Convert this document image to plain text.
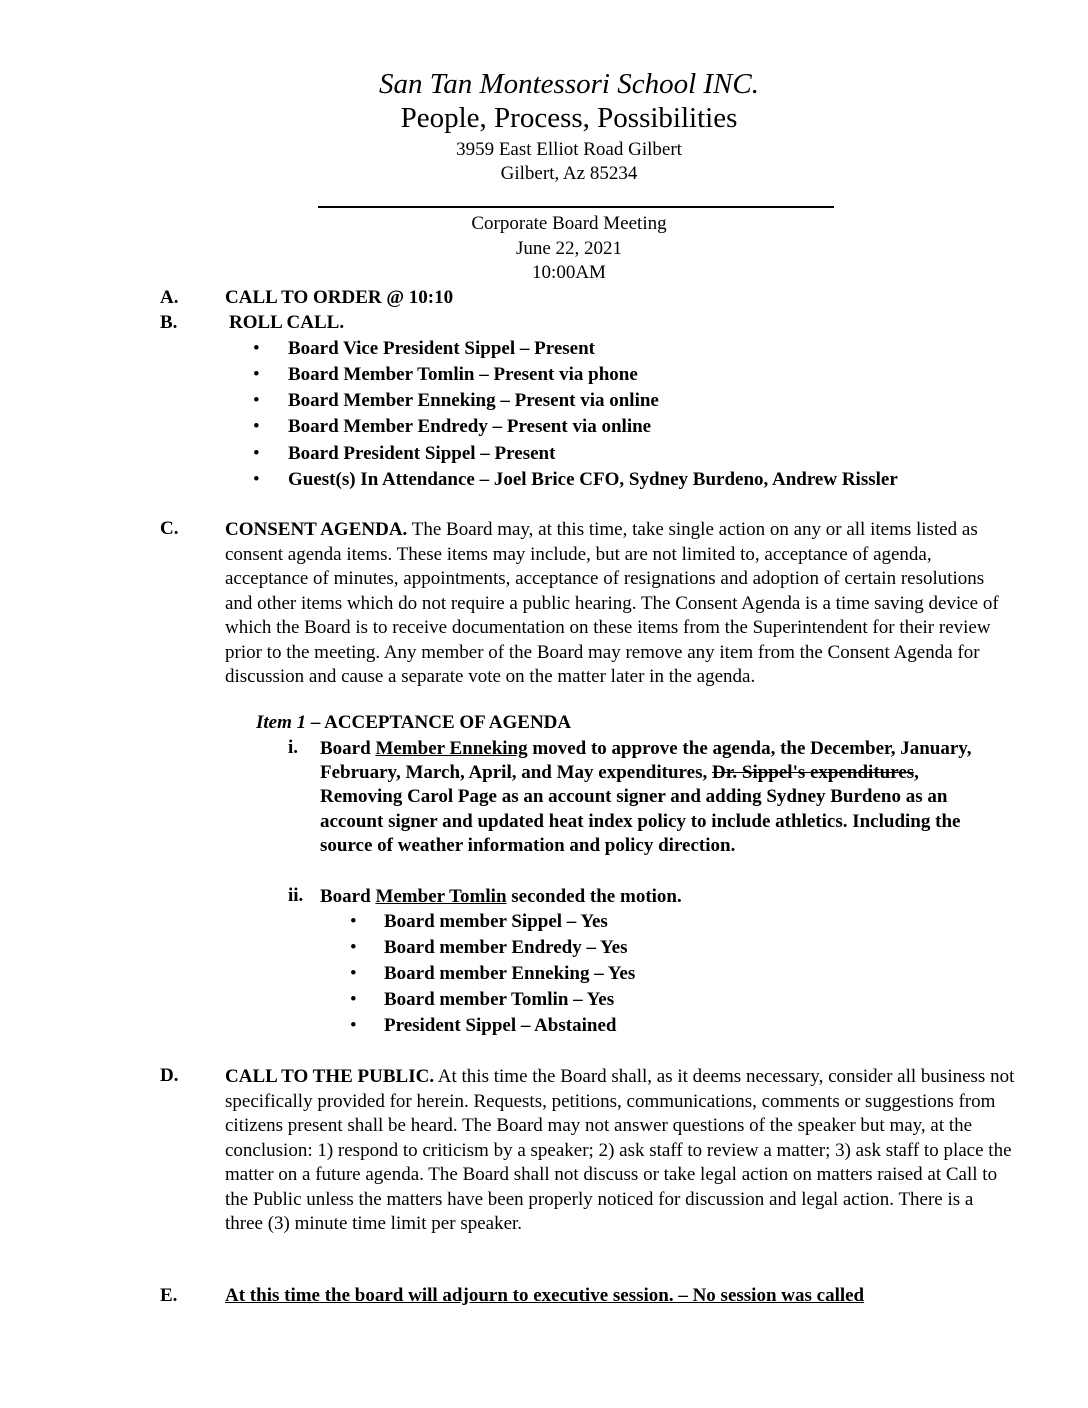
San Tan Montessori School INC.
People, Process, Possibilities
3959 East Elliot Road Gilbert
Gilbert, Az 85234
Corporate Board Meeting
June 22, 2021
10:00AM
A. CALL TO ORDER @ 10:10
B.	ROLL CALL.
• Board Vice President Sippel – Present
• Board Member Tomlin – Present via phone
• Board Member Enneking – Present via online
• Board Member Endredy – Present via online
• Board President Sippel – Present
• Guest(s) In Attendance – Joel Brice CFO, Sydney Burdeno, Andrew Rissler
C. CONSENT AGENDA. The Board may, at this time, take single action on any or all items listed as consent agenda items. These items may include, but are not limited to, acceptance of agenda, acceptance of minutes, appointments, acceptance of resignations and adoption of certain resolutions and other items which do not require a public hearing. The Consent Agenda is a time saving device of which the Board is to receive documentation on these items from the Superintendent for their review prior to the meeting. Any member of the Board may remove any item from the Consent Agenda for discussion and cause a separate vote on the matter later in the agenda.

Item 1 – ACCEPTANCE OF AGENDA
i. Board Member Enneking moved to approve the agenda, the December, January, February, March, April, and May expenditures, Dr. Sippel's expenditures, Removing Carol Page as an account signer and adding Sydney Burdeno as an account signer and updated heat index policy to include athletics. Including the source of weather information and policy direction.

ii. Board Member Tomlin seconded the motion.
• Board member Sippel – Yes
• Board member Endredy – Yes
• Board member Enneking – Yes
• Board member Tomlin – Yes
• President Sippel – Abstained
D. CALL TO THE PUBLIC. At this time the Board shall, as it deems necessary, consider all business not specifically provided for herein. Requests, petitions, communications, comments or suggestions from citizens present shall be heard. The Board may not answer questions of the speaker but may, at the conclusion: 1) respond to criticism by a speaker; 2) ask staff to review a matter; 3) ask staff to place the matter on a future agenda. The Board shall not discuss or take legal action on matters raised at Call to the Public unless the matters have been properly noticed for discussion and legal action. There is a three (3) minute time limit per speaker.

E.	At this time the board will adjourn to executive session. – No session was called
